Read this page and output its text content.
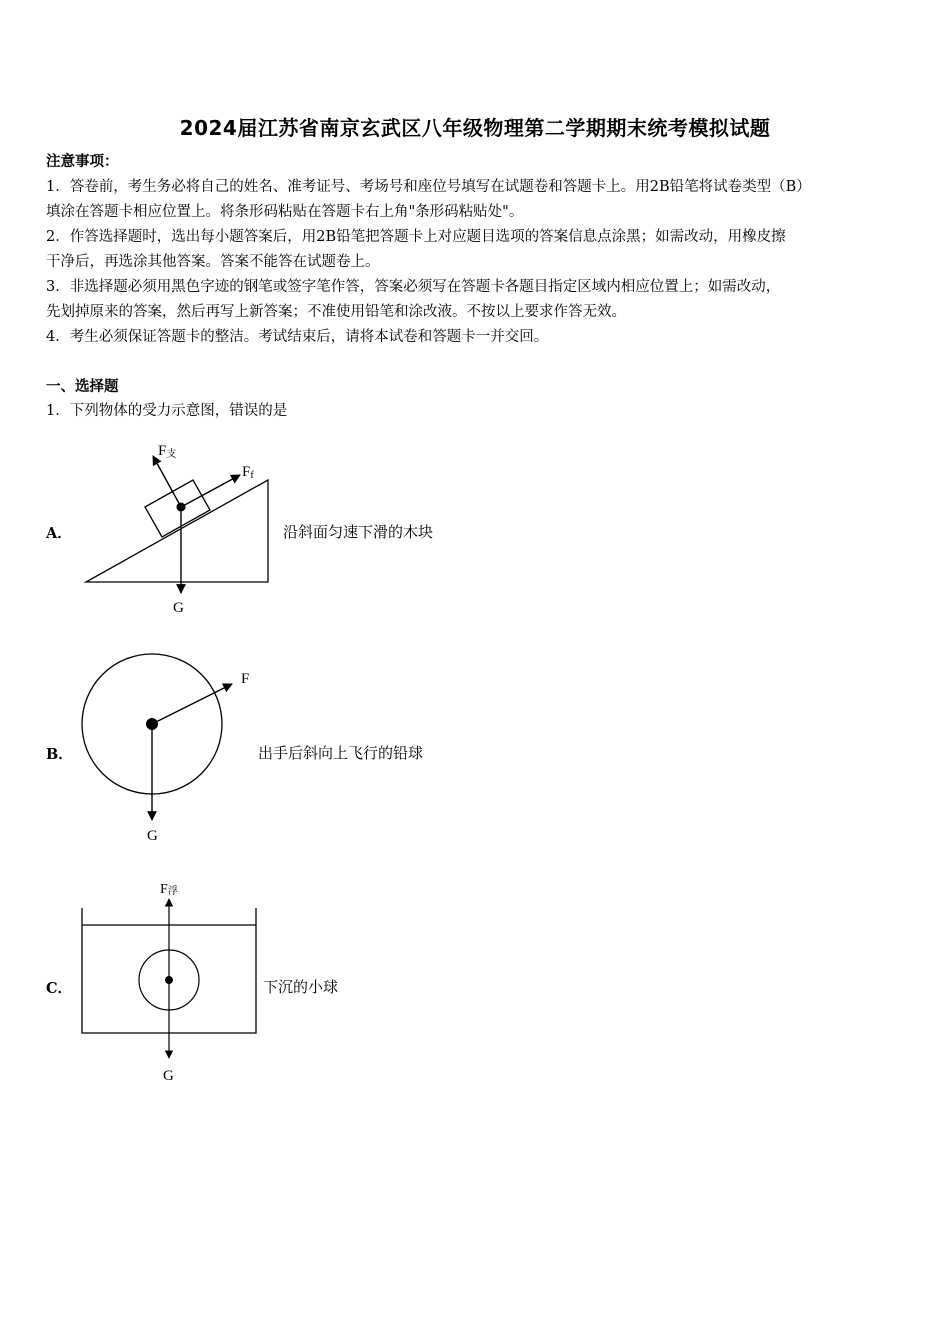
2024届江苏省南京玄武区八年级物理第二学期期末统考模拟试题
注意事项：
1．答卷前，考生务必将自己的姓名、准考证号、考场号和座位号填写在试题卷和答题卡上。用2B铅笔将试卷类型（B）
填涂在答题卡相应位置上。将条形码粘贴在答题卡右上角"条形码粘贴处"。
2．作答选择题时，选出每小题答案后，用2B铅笔把答题卡上对应题目选项的答案信息点涂黑；如需改动，用橡皮擦
干净后，再选涂其他答案。答案不能答在试题卷上。
3．非选择题必须用黑色字迹的钢笔或签字笔作答，答案必须写在答题卡各题目指定区域内相应位置上；如需改动，
先划掉原来的答案，然后再写上新答案；不准使用铅笔和涂改液。不按以上要求作答无效。
4．考生必须保证答题卡的整洁。考试结束后，请将本试卷和答题卡一并交回。
一、选择题
1．下列物体的受力示意图，错误的是
A．
F支
Ff
G
沿斜面匀速下滑的木块
B．
F
G
出手后斜向上飞行的铅球
C．
F浮
G
下沉的小球
